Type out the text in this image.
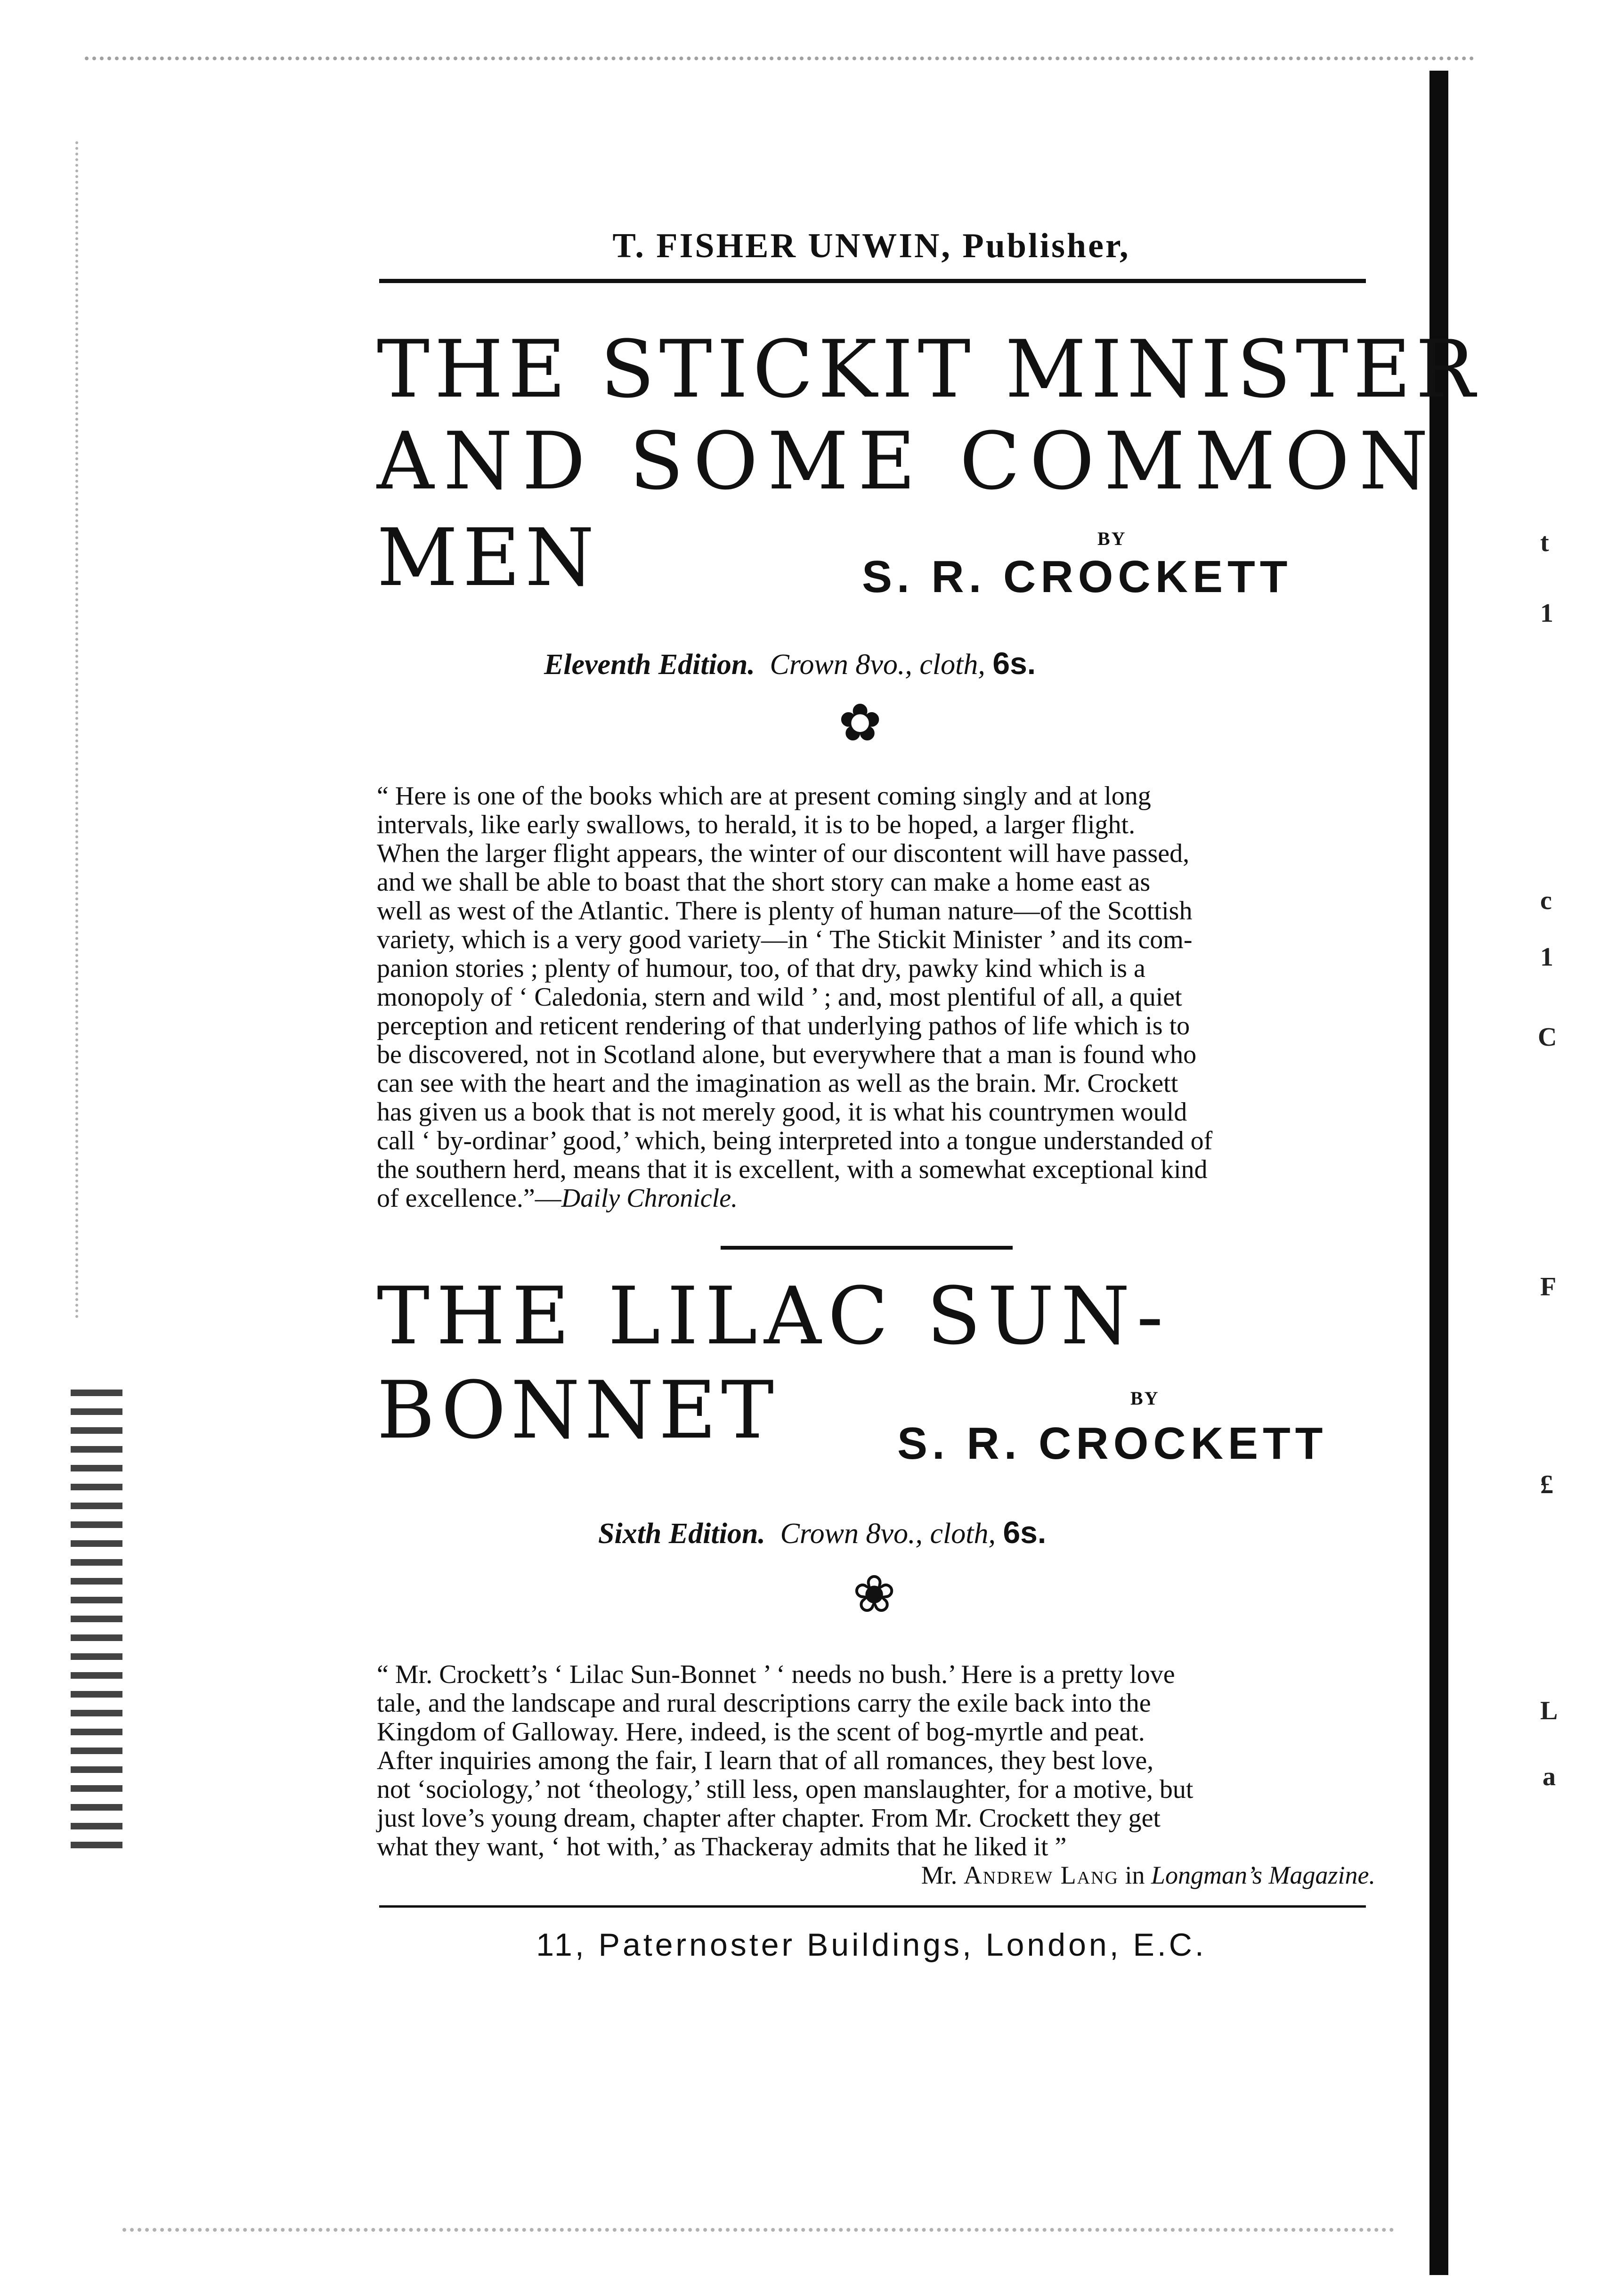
t
1
c
1
C
F
£
L
a
T. FISHER UNWIN, Publisher,
THE STICKIT MINISTER
AND SOME COMMON
MEN	BY
S. R. CROCKETT
Eleventh Edition. Crown 8vo., cloth, 6s.
✿
“ Here is one of the books which are at present coming singly and at long
intervals, like early swallows, to herald, it is to be hoped, a larger flight.
When the larger flight appears, the winter of our discontent will have passed,
and we shall be able to boast that the short story can make a home east as
well as west of the Atlantic. There is plenty of human nature—of the Scottish
variety, which is a very good variety—in ‘ The Stickit Minister ’ and its com-
panion stories ; plenty of humour, too, of that dry, pawky kind which is a
monopoly of ‘ Caledonia, stern and wild ’ ; and, most plentiful of all, a quiet
perception and reticent rendering of that underlying pathos of life which is to
be discovered, not in Scotland alone, but everywhere that a man is found who
can see with the heart and the imagination as well as the brain. Mr. Crockett
has given us a book that is not merely good, it is what his countrymen would
call ‘ by-ordinar’ good,’ which, being interpreted into a tongue understanded of
the southern herd, means that it is excellent, with a somewhat exceptional kind
of excellence.”—Daily Chronicle.
THE LILAC SUN-
BONNET	BY
S. R. CROCKETT
Sixth Edition. Crown 8vo., cloth, 6s.
❀
“ Mr. Crockett’s ‘ Lilac Sun-Bonnet ’ ‘ needs no bush.’ Here is a pretty love
tale, and the landscape and rural descriptions carry the exile back into the
Kingdom of Galloway. Here, indeed, is the scent of bog-myrtle and peat.
After inquiries among the fair, I learn that of all romances, they best love,
not ‘sociology,’ not ‘theology,’ still less, open manslaughter, for a motive, but
just love’s young dream, chapter after chapter. From Mr. Crockett they get
what they want, ‘ hot with,’ as Thackeray admits that he liked it ”
Mr. Andrew Lang in Longman’s Magazine.
11, Paternoster Buildings, London, E.C.
